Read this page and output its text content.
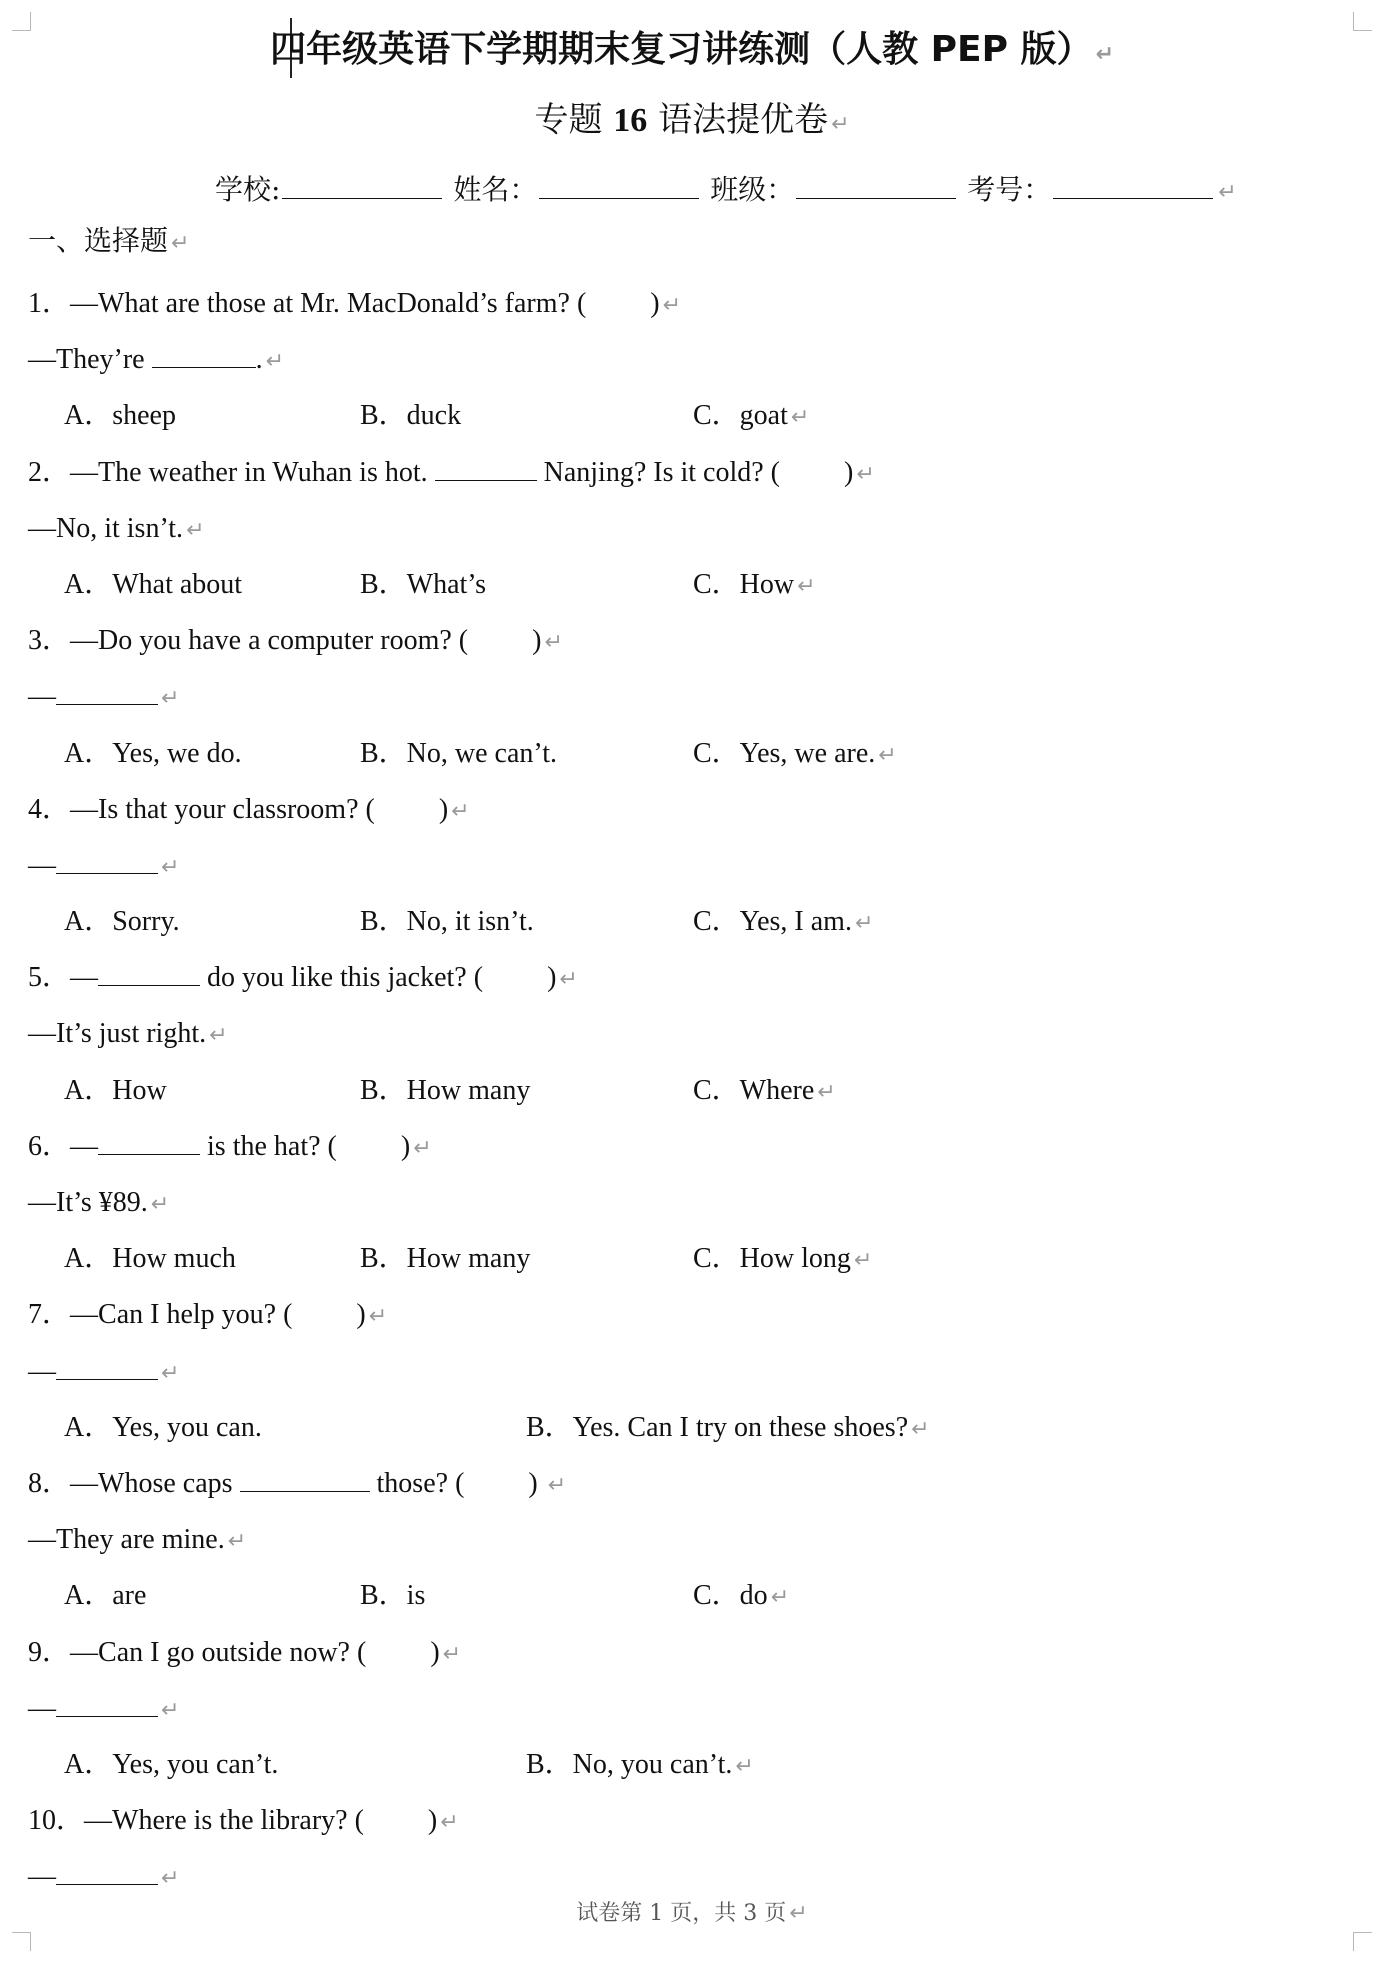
四年级英语下学期期末复习讲练测（人教 PEP 版） ↵
专题 16 语法提优卷 ↵
学校:	姓名：	班级：	考号：	↵
一、选择题 ↵
1．—What are those at Mr. MacDonald’s farm? ( ) ↵
—They’re	. ↵
A．sheep	B．duck	C．goat ↵
2．—The weather in Wuhan is hot.	Nanjing? Is it cold? ( ) ↵
—No, it isn’t. ↵
A．What about	B．What’s	C．How ↵
3．—Do you have a computer room? ( ) ↵
—	↵
A．Yes, we do.	B．No, we can’t.	C．Yes, we are. ↵
4．—Is that your classroom? ( ) ↵
—	↵
A．Sorry.	B．No, it isn’t.	C．Yes, I am. ↵
5．—	do you like this jacket? ( ) ↵
—It’s just right. ↵
A．How	B．How many	C．Where ↵
6．—	is the hat? ( ) ↵
—It’s ¥89. ↵
A．How much	B．How many	C．How long ↵
7．—Can I help you? ( ) ↵
—	↵
A．Yes, you can.	B．Yes. Can I try on these shoes? ↵
8．—Whose caps	those? ( ) ↵
—They are mine. ↵
A．are	B．is	C．do ↵
9．—Can I go outside now? ( ) ↵
—	↵
A．Yes, you can’t.	B．No, you can’t. ↵
10．—Where is the library? ( ) ↵
—	↵
试卷第 1 页，共 3 页 ↵
